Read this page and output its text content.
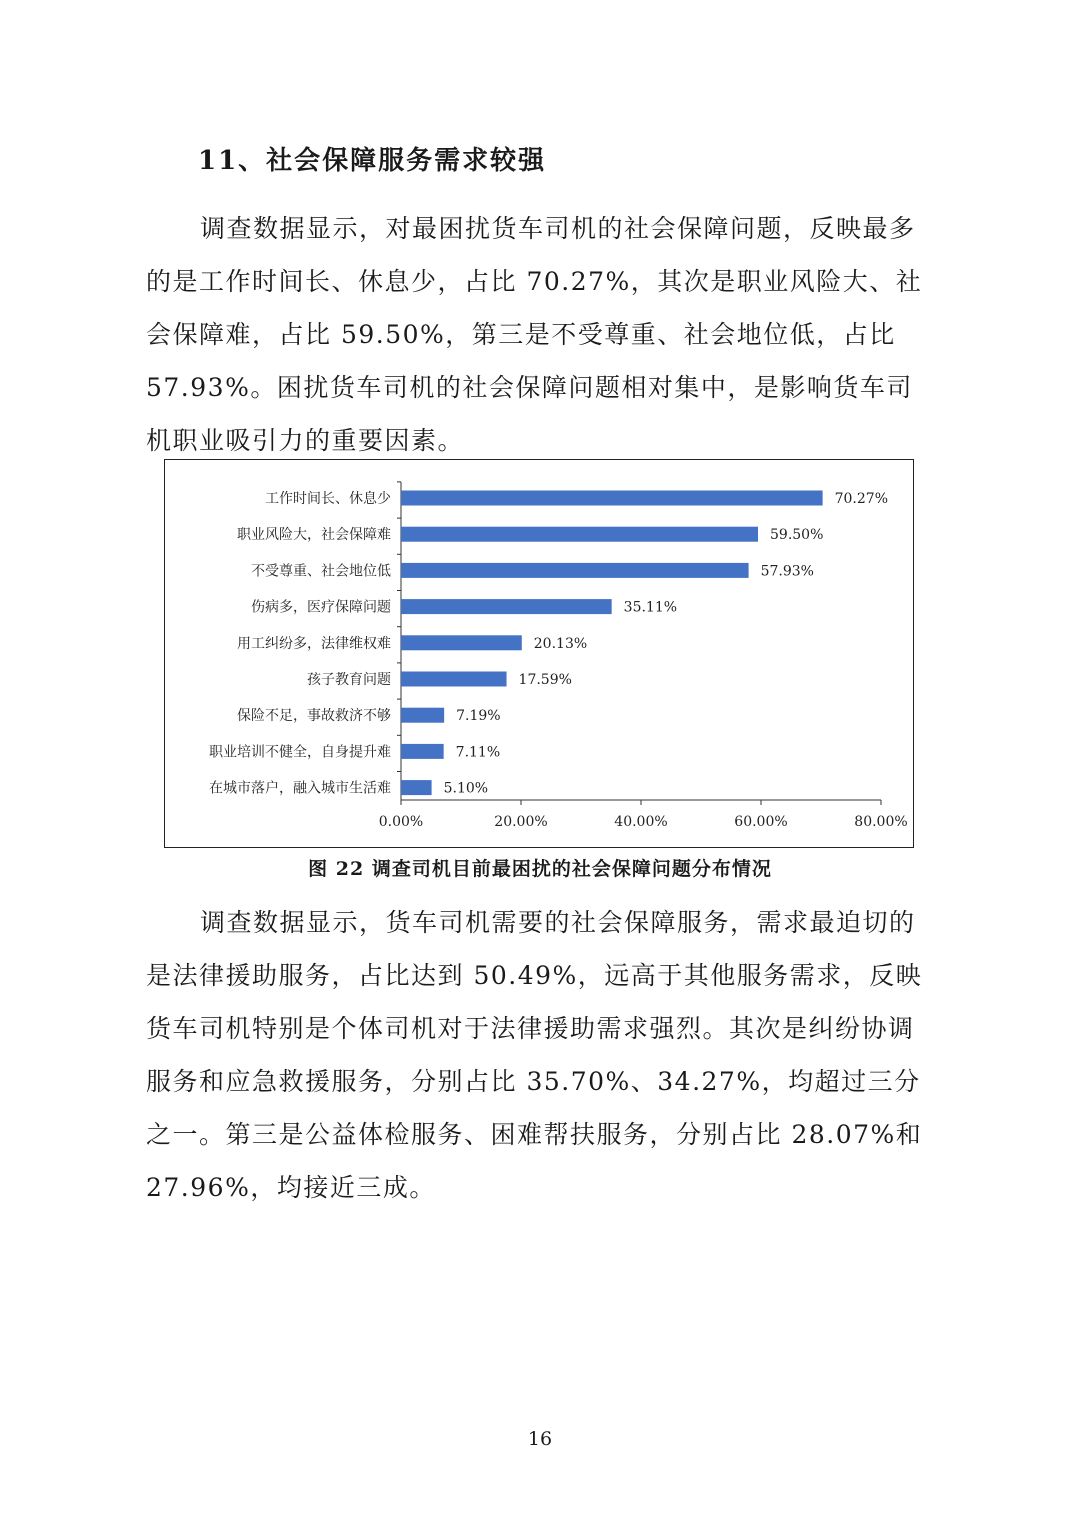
11、社会保障服务需求较强

调查数据显示，对最困扰货车司机的社会保障问题，反映最多的是工作时间长、休息少，占比 70.27%，其次是职业风险大、社会保障难，占比 59.50%，第三是不受尊重、社会地位低，占比 57.93%。困扰货车司机的社会保障问题相对集中，是影响货车司机职业吸引力的重要因素。

0.00%	20.00%	40.00%	60.00%	80.00%
工作时间长、休息少	70.27%
职业风险大，社会保障难	59.50%
不受尊重、社会地位低	57.93%
伤病多，医疗保障问题	35.11%
用工纠纷多，法律维权难	20.13%
孩子教育问题	17.59%
保险不足，事故救济不够	7.19%
职业培训不健全，自身提升难	7.11%
在城市落户，融入城市生活难	5.10%
图 22 调查司机目前最困扰的社会保障问题分布情况

调查数据显示，货车司机需要的社会保障服务，需求最迫切的是法律援助服务，占比达到 50.49%，远高于其他服务需求，反映货车司机特别是个体司机对于法律援助需求强烈。其次是纠纷协调服务和应急救援服务，分别占比 35.70%、34.27%，均超过三分之一。第三是公益体检服务、困难帮扶服务，分别占比 28.07%和 27.96%，均接近三成。

16
